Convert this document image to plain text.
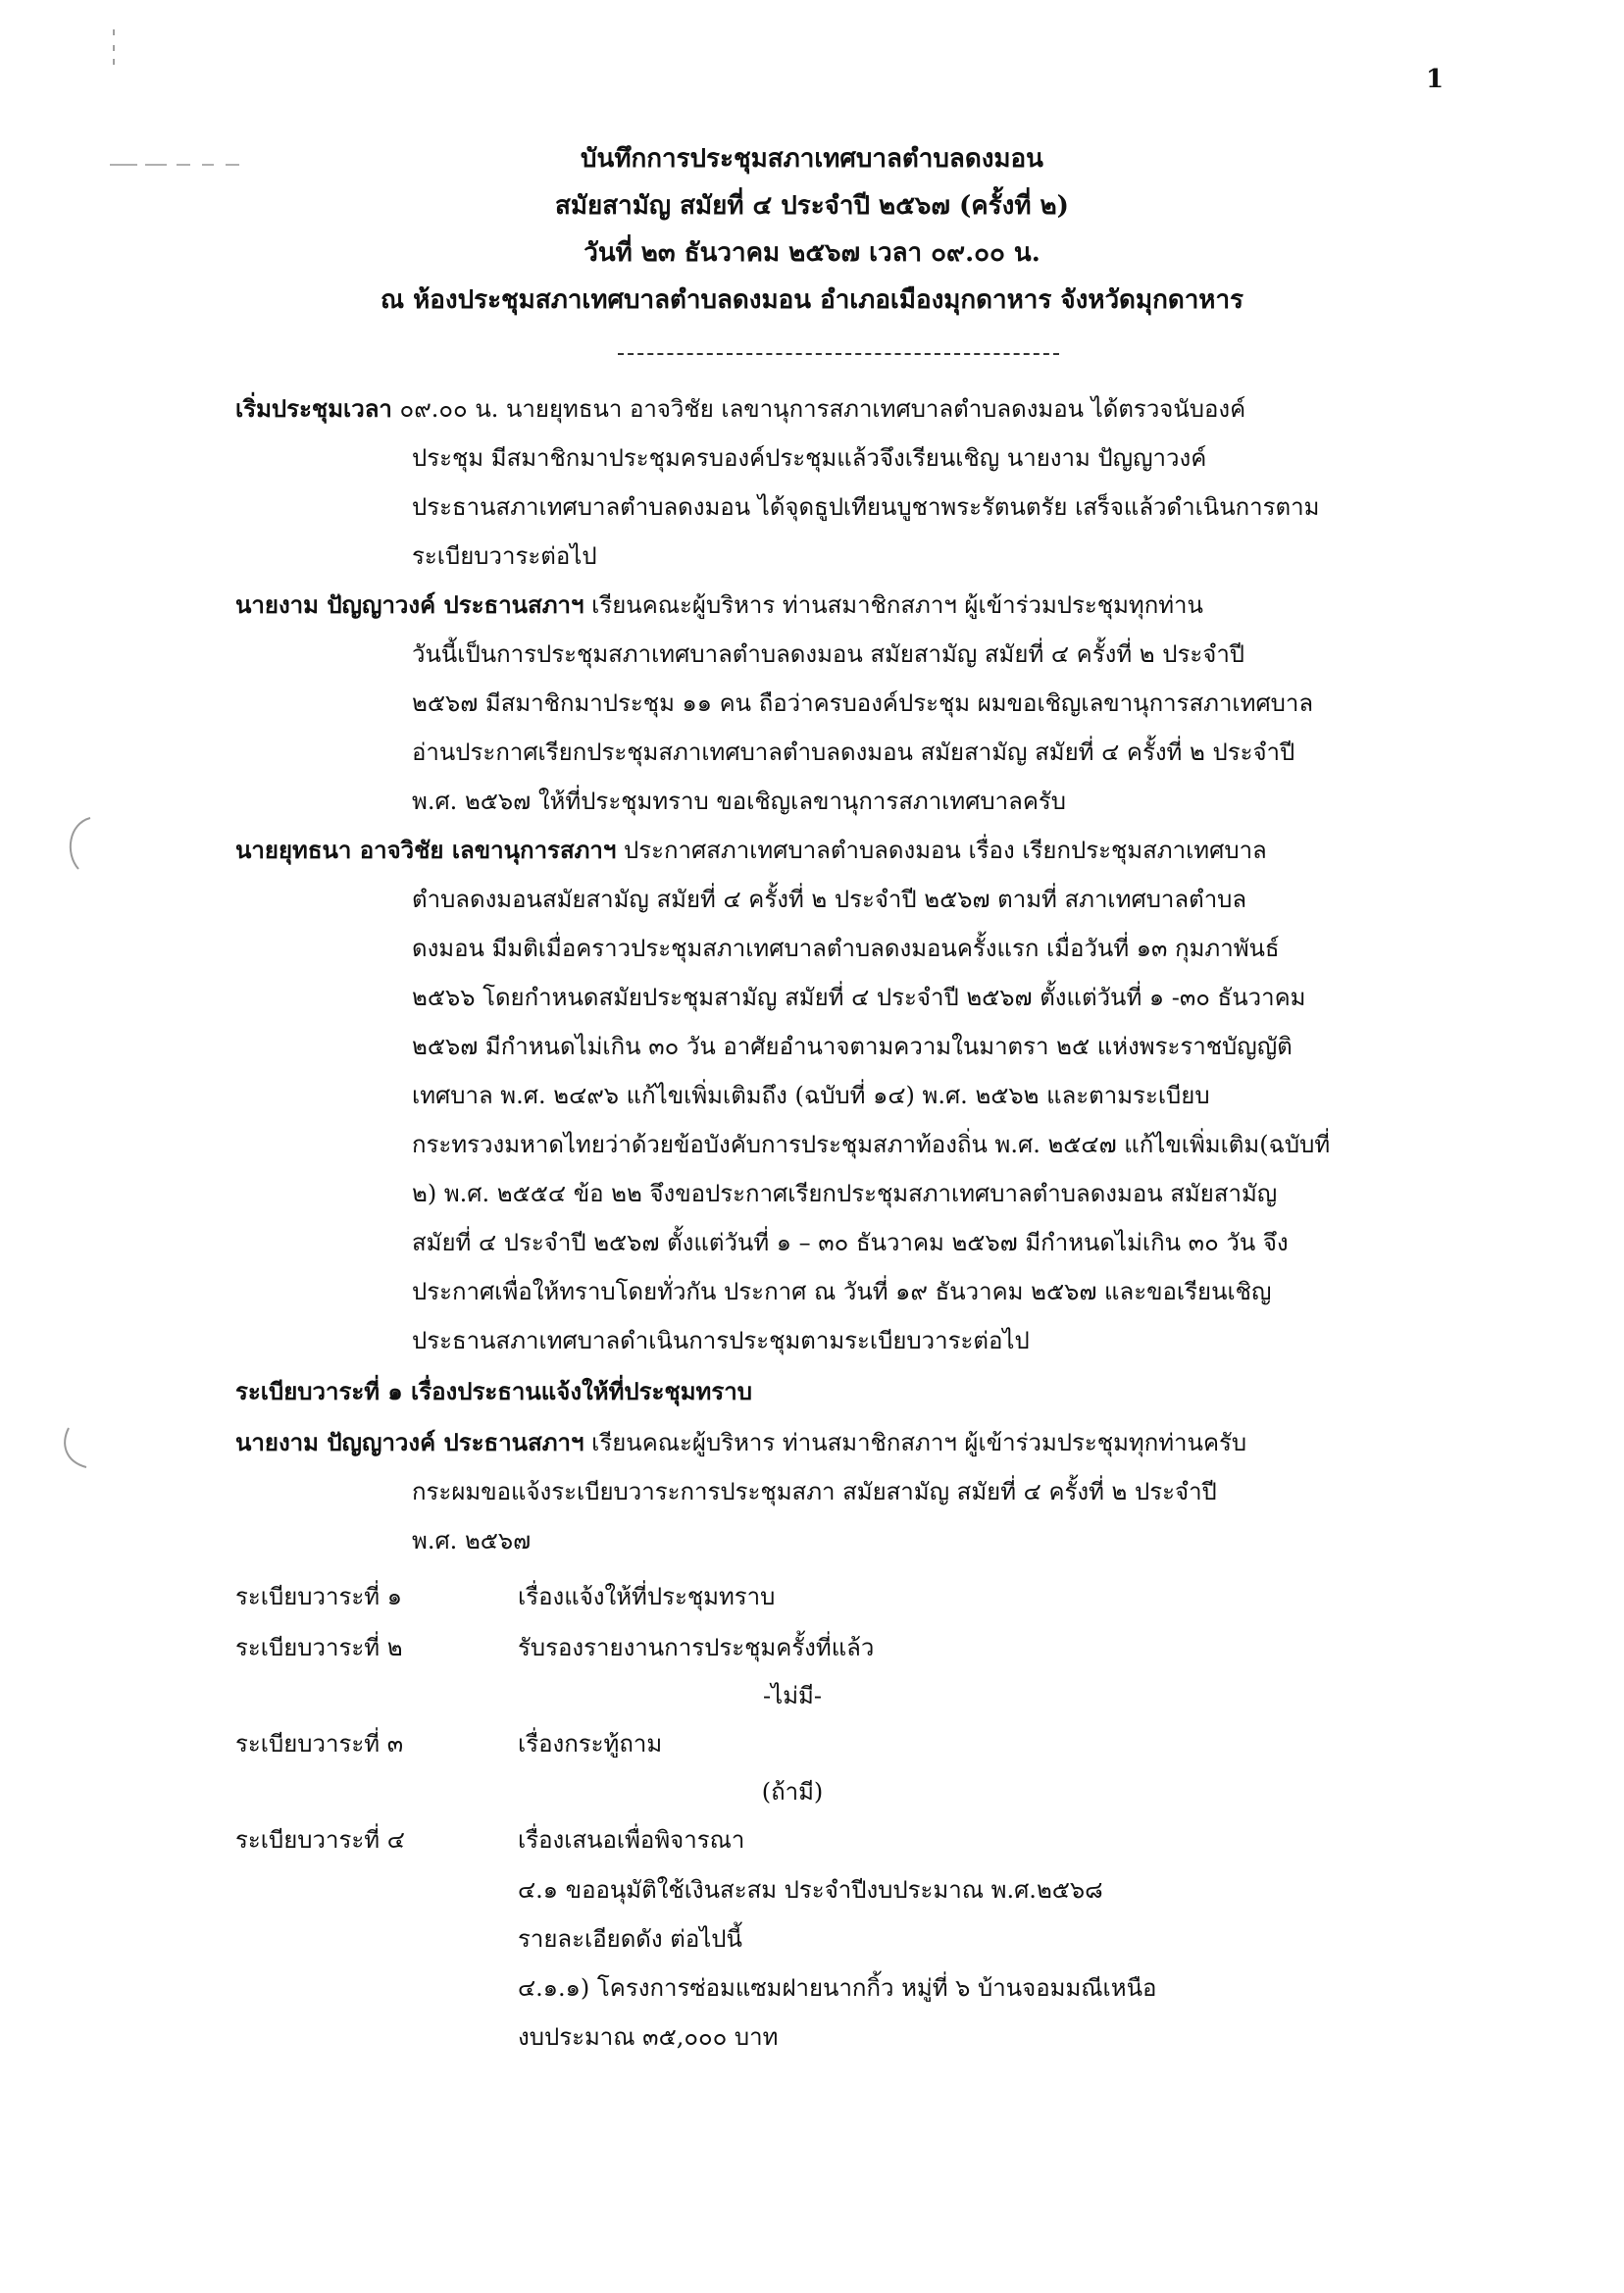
1
บันทึกการประชุมสภาเทศบาลตำบลดงมอน
สมัยสามัญ สมัยที่ ๔ ประจำปี ๒๕๖๗ (ครั้งที่ ๒)
วันที่ ๒๓ ธันวาคม ๒๕๖๗ เวลา ๐๙.๐๐ น.
ณ ห้องประชุมสภาเทศบาลตำบลดงมอน อำเภอเมืองมุกดาหาร จังหวัดมุกดาหาร
เริ่มประชุมเวลา ๐๙.๐๐ น. นายยุทธนา อาจวิชัย เลขานุการสภาเทศบาลตำบลดงมอน ได้ตรวจนับองค์
ประชุม มีสมาชิกมาประชุมครบองค์ประชุมแล้วจึงเรียนเชิญ นายงาม ปัญญาวงค์
ประธานสภาเทศบาลตำบลดงมอน ได้จุดธูปเทียนบูชาพระรัตนตรัย เสร็จแล้วดำเนินการตาม
ระเบียบวาระต่อไป
นายงาม ปัญญาวงค์ ประธานสภาฯ เรียนคณะผู้บริหาร ท่านสมาชิกสภาฯ ผู้เข้าร่วมประชุมทุกท่าน
วันนี้เป็นการประชุมสภาเทศบาลตำบลดงมอน สมัยสามัญ สมัยที่ ๔ ครั้งที่ ๒ ประจำปี
๒๕๖๗ มีสมาชิกมาประชุม ๑๑ คน ถือว่าครบองค์ประชุม ผมขอเชิญเลขานุการสภาเทศบาล
อ่านประกาศเรียกประชุมสภาเทศบาลตำบลดงมอน สมัยสามัญ สมัยที่ ๔ ครั้งที่ ๒ ประจำปี
พ.ศ. ๒๕๖๗ ให้ที่ประชุมทราบ ขอเชิญเลขานุการสภาเทศบาลครับ
นายยุทธนา อาจวิชัย เลขานุการสภาฯ ประกาศสภาเทศบาลตำบลดงมอน เรื่อง เรียกประชุมสภาเทศบาล
ตำบลดงมอนสมัยสามัญ สมัยที่ ๔ ครั้งที่ ๒ ประจำปี ๒๕๖๗ ตามที่ สภาเทศบาลตำบล
ดงมอน มีมติเมื่อคราวประชุมสภาเทศบาลตำบลดงมอนครั้งแรก เมื่อวันที่ ๑๓ กุมภาพันธ์
๒๕๖๖ โดยกำหนดสมัยประชุมสามัญ สมัยที่ ๔ ประจำปี ๒๕๖๗ ตั้งแต่วันที่ ๑ -๓๐ ธันวาคม
๒๕๖๗ มีกำหนดไม่เกิน ๓๐ วัน อาศัยอำนาจตามความในมาตรา ๒๕ แห่งพระราชบัญญัติ
เทศบาล พ.ศ. ๒๔๙๖ แก้ไขเพิ่มเติมถึง (ฉบับที่ ๑๔) พ.ศ. ๒๕๖๒ และตามระเบียบ
กระทรวงมหาดไทยว่าด้วยข้อบังคับการประชุมสภาท้องถิ่น พ.ศ. ๒๕๔๗ แก้ไขเพิ่มเติม(ฉบับที่
๒) พ.ศ. ๒๕๕๔ ข้อ ๒๒ จึงขอประกาศเรียกประชุมสภาเทศบาลตำบลดงมอน สมัยสามัญ
สมัยที่ ๔ ประจำปี ๒๕๖๗ ตั้งแต่วันที่ ๑ – ๓๐ ธันวาคม ๒๕๖๗ มีกำหนดไม่เกิน ๓๐ วัน จึง
ประกาศเพื่อให้ทราบโดยทั่วกัน ประกาศ ณ วันที่ ๑๙ ธันวาคม ๒๕๖๗ และขอเรียนเชิญ
ประธานสภาเทศบาลดำเนินการประชุมตามระเบียบวาระต่อไป
ระเบียบวาระที่ ๑ เรื่องประธานแจ้งให้ที่ประชุมทราบ
นายงาม ปัญญาวงค์ ประธานสภาฯ เรียนคณะผู้บริหาร ท่านสมาชิกสภาฯ ผู้เข้าร่วมประชุมทุกท่านครับ
กระผมขอแจ้งระเบียบวาระการประชุมสภา สมัยสามัญ สมัยที่ ๔ ครั้งที่ ๒ ประจำปี
พ.ศ. ๒๕๖๗
ระเบียบวาระที่ ๑	เรื่องแจ้งให้ที่ประชุมทราบ
ระเบียบวาระที่ ๒	รับรองรายงานการประชุมครั้งที่แล้ว
-ไม่มี-
ระเบียบวาระที่ ๓	เรื่องกระทู้ถาม
(ถ้ามี)
ระเบียบวาระที่ ๔	เรื่องเสนอเพื่อพิจารณา
๔.๑ ขออนุมัติใช้เงินสะสม ประจำปีงบประมาณ พ.ศ.๒๕๖๘
รายละเอียดดัง ต่อไปนี้
๔.๑.๑) โครงการซ่อมแซมฝายนากกิ้ว หมู่ที่ ๖ บ้านจอมมณีเหนือ
งบประมาณ ๓๕,๐๐๐ บาท
